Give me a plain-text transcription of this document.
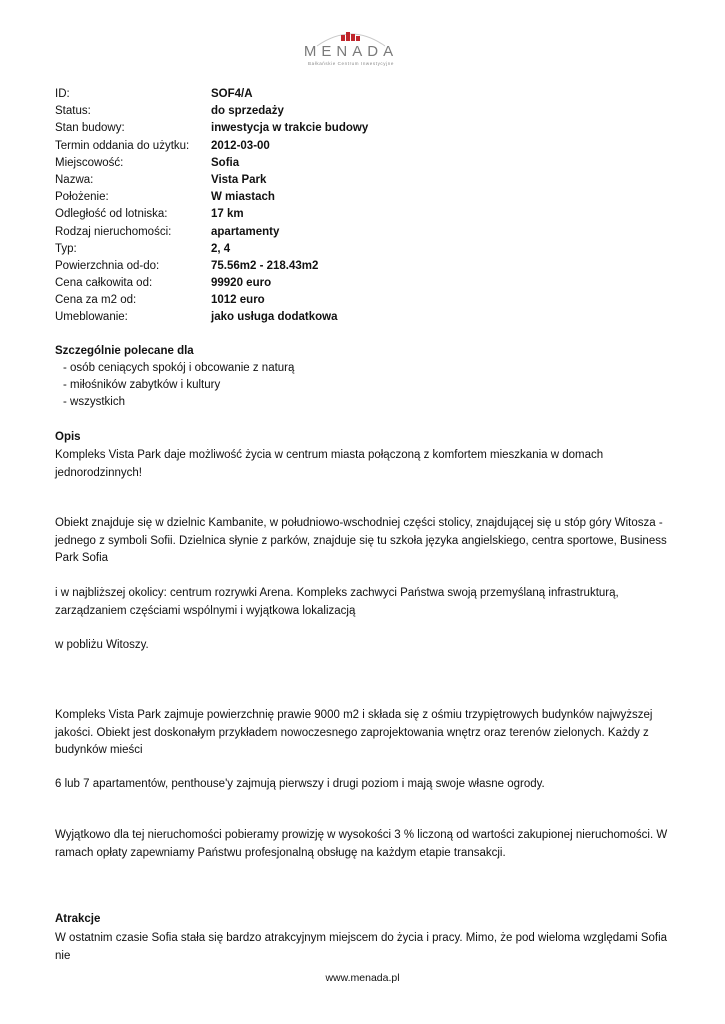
MENADA
Bałkańskie Centrum Inwestycyjne
ID:	SOF4/A
Status:	do sprzedaży
Stan budowy:	inwestycja w trakcie budowy
Termin oddania do użytku: 2012-03-00
Miejscowość:	Sofia
Nazwa:	Vista Park
Położenie:	W miastach
Odległość od lotniska:	17 km
Rodzaj nieruchomości:	apartamenty
Typ:	2, 4
Powierzchnia od-do:	75.56m2 - 218.43m2
Cena całkowita od:	99920 euro
Cena za m2 od:	1012 euro
Umeblowanie:	jako usługa dodatkowa
Szczególnie polecane dla
- osób ceniących spokój i obcowanie z naturą
- miłośników zabytków i kultury
- wszystkich
Opis
Kompleks Vista Park daje możliwość życia w centrum miasta połączoną z komfortem mieszkania w domach jednorodzinnych!
Obiekt znajduje się w dzielnic Kambanite, w południowo-wschodniej części stolicy, znajdującej się u stóp góry Witosza - jednego z symboli Sofii. Dzielnica słynie z parków, znajduje się tu szkoła języka angielskiego, centra sportowe, Business Park Sofia
i w najbliższej okolicy: centrum rozrywki Arena. Kompleks zachwyci Państwa swoją przemyślaną infrastrukturą, zarządzaniem częściami wspólnymi i wyjątkowa lokalizacją
w pobliżu Witoszy.
Kompleks Vista Park zajmuje powierzchnię prawie 9000 m2 i składa się z ośmiu trzypiętrowych budynków najwyższej jakości. Obiekt jest doskonałym przykładem nowoczesnego zaprojektowania wnętrz oraz terenów zielonych. Każdy z budynków mieści
6 lub 7 apartamentów, penthouse'y zajmują pierwszy i drugi poziom i mają swoje własne ogrody.
Wyjątkowo dla tej nieruchomości pobieramy prowizję w wysokości 3 % liczoną od wartości zakupionej nieruchomości. W ramach opłaty zapewniamy Państwu profesjonalną obsługę na każdym etapie transakcji.
Atrakcje
W ostatnim czasie Sofia stała się bardzo atrakcyjnym miejscem do życia i pracy. Mimo, że pod wieloma względami Sofia nie
www.menada.pl
